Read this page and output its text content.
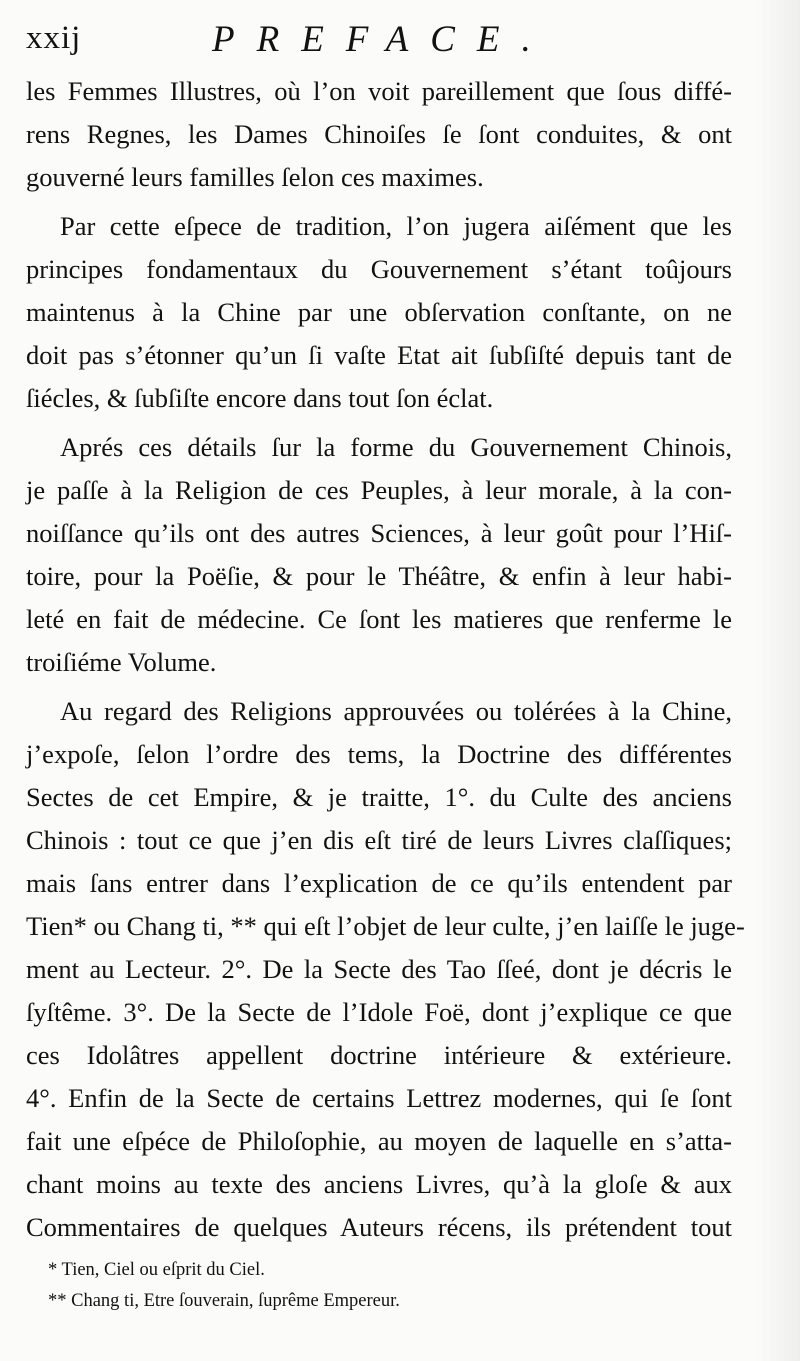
xxij	PREFACE.
les Femmes Illustres, où l’on voit pareillement que ſous diffé-
rens Regnes, les Dames Chinoiſes ſe ſont conduites, & ont
gouverné leurs familles ſelon ces maximes.
Par cette eſpece de tradition, l’on jugera aiſément que les
principes fondamentaux du Gouvernement s’étant toûjours
maintenus à la Chine par une obſervation conſtante, on ne
doit pas s’étonner qu’un ſi vaſte Etat ait ſubſiſté depuis tant de
ſiécles, & ſubſiſte encore dans tout ſon éclat.
Aprés ces détails ſur la forme du Gouvernement Chinois,
je paſſe à la Religion de ces Peuples, à leur morale, à la con-
noiſſance qu’ils ont des autres Sciences, à leur goût pour l’Hiſ-
toire, pour la Poëſie, & pour le Théâtre, & enfin à leur habi-
leté en fait de médecine. Ce ſont les matieres que renferme le
troiſiéme Volume.
Au regard des Religions approuvées ou tolérées à la Chine,
j’expoſe, ſelon l’ordre des tems, la Doctrine des différentes
Sectes de cet Empire, & je traitte, 1°. du Culte des anciens
Chinois : tout ce que j’en dis eſt tiré de leurs Livres claſſiques;
mais ſans entrer dans l’explication de ce qu’ils entendent par
Tien* ou Chang ti, ** qui eſt l’objet de leur culte, j’en laiſſe le juge-
ment au Lecteur. 2°. De la Secte des Tao ſſeé, dont je décris le
ſyſtême. 3°. De la Secte de l’Idole Foë, dont j’explique ce que
ces Idolâtres appellent doctrine intérieure & extérieure.
4°. Enfin de la Secte de certains Lettrez modernes, qui ſe ſont
fait une eſpéce de Philoſophie, au moyen de laquelle en s’atta-
chant moins au texte des anciens Livres, qu’à la gloſe & aux
Commentaires de quelques Auteurs récens, ils prétendent tout
* Tien, Ciel ou eſprit du Ciel.
** Chang ti, Etre ſouverain, ſuprême Empereur.
